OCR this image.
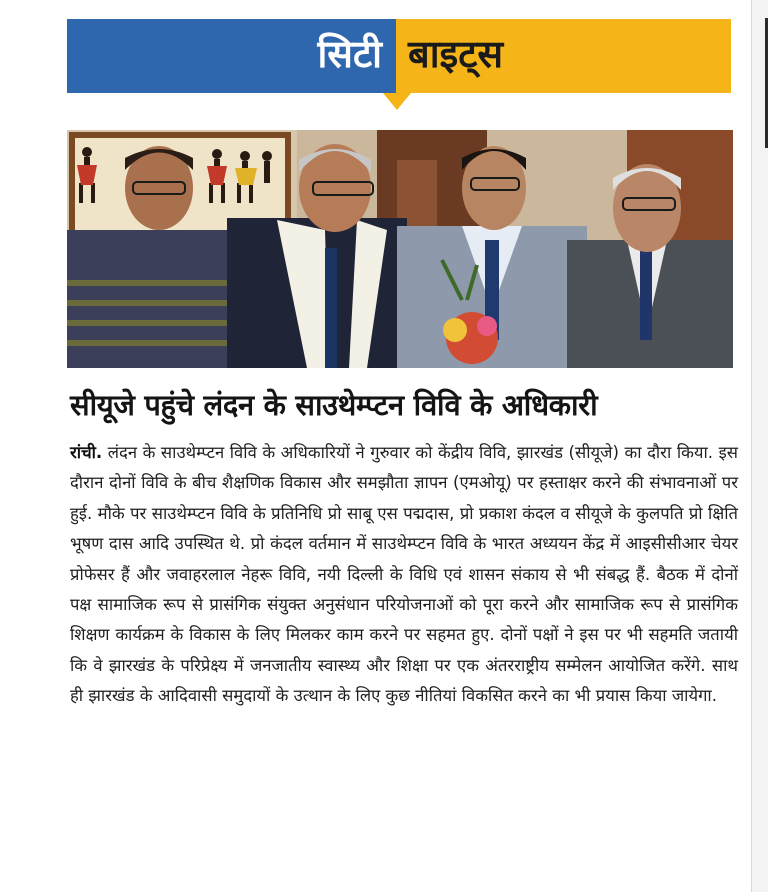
सिटी बाइट्स
सीयूजे पहुंचे लंदन के साउथेम्प्टन विवि के अधिकारी
रांची. लंदन के साउथेम्प्टन विवि के अधिकारियों ने गुरुवार को केंद्रीय विवि, झारखंड (सीयूजे) का दौरा किया. इस दौरान दोनों विवि के बीच शैक्षणिक विकास और समझौता ज्ञापन (एमओयू) पर हस्ताक्षर करने की संभावनाओं पर हुई. मौके पर साउथेम्प्टन विवि के प्रतिनिधि प्रो साबू एस पद्मदास, प्रो प्रकाश कंदल व सीयूजे के कुलपति प्रो क्षिति भूषण दास आदि उपस्थित थे. प्रो कंदल वर्तमान में साउथेम्प्टन विवि के भारत अध्ययन केंद्र में आइसीसीआर चेयर प्रोफेसर हैं और जवाहरलाल नेहरू विवि, नयी दिल्ली के विधि एवं शासन संकाय से भी संबद्ध हैं. बैठक में दोनों पक्ष सामाजिक रूप से प्रासंगिक संयुक्त अनुसंधान परियोजनाओं को पूरा करने और सामाजिक रूप से प्रासंगिक शिक्षण कार्यक्रम के विकास के लिए मिलकर काम करने पर सहमत हुए. दोनों पक्षों ने इस पर भी सहमति जतायी कि वे झारखंड के परिप्रेक्ष्य में जनजातीय स्वास्थ्य और शिक्षा पर एक अंतरराष्ट्रीय सम्मेलन आयोजित करेंगे. साथ ही झारखंड के आदिवासी समुदायों के उत्थान के लिए कुछ नीतियां विकसित करने का भी प्रयास किया जायेगा.
